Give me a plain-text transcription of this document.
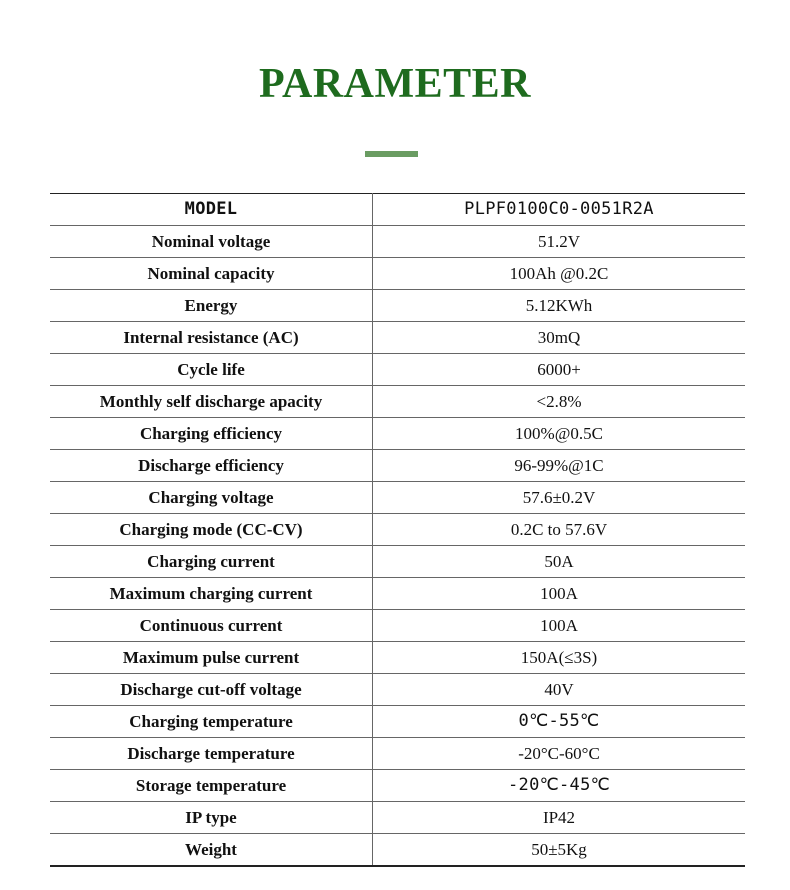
PARAMETER
MODEL	PLPF0100C0-0051R2A
Nominal voltage	51.2V
Nominal capacity	100Ah @0.2C
Energy	5.12KWh
Internal resistance (AC)	30mQ
Cycle life	6000+
Monthly self discharge apacity	<2.8%
Charging efficiency	100%@0.5C
Discharge efficiency	96-99%@1C
Charging voltage	57.6±0.2V
Charging mode (CC-CV)	0.2C to 57.6V
Charging current	50A
Maximum charging current	100A
Continuous current	100A
Maximum pulse current	150A(≤3S)
Discharge cut-off voltage	40V
Charging temperature	0℃-55℃
Discharge temperature	-20°C-60°C
Storage temperature	-20℃-45℃
IP type	IP42
Weight	50±5Kg
